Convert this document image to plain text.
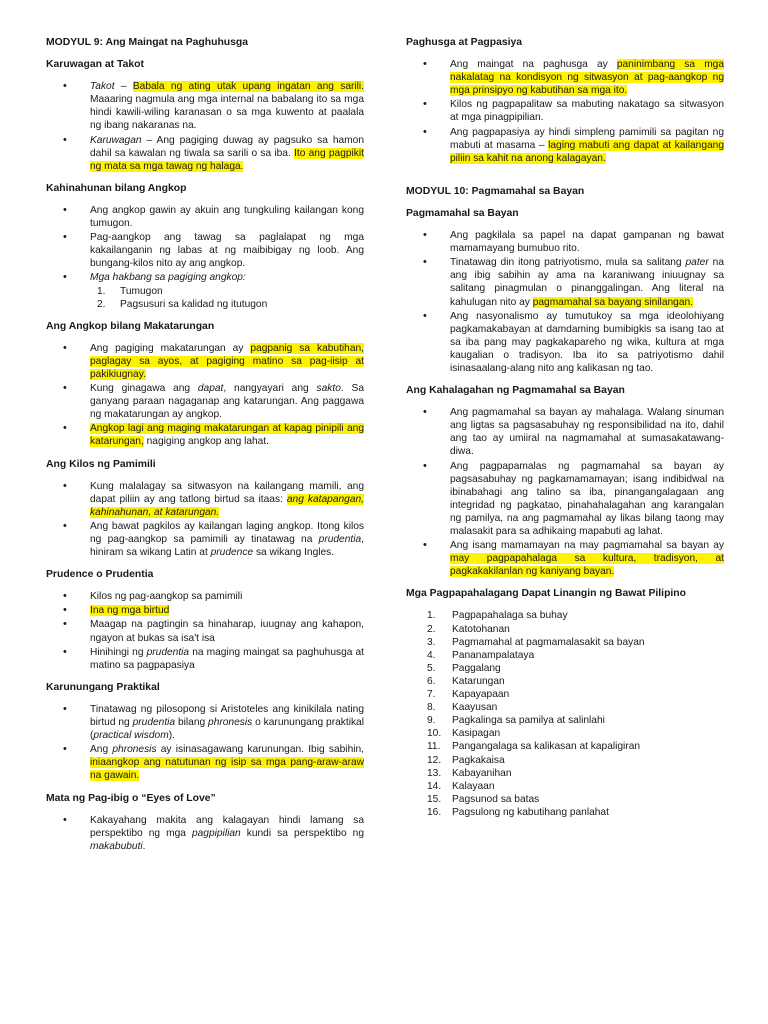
MODYUL 9: Ang Maingat na Paghuhusga
Karuwagan at Takot
• Takot – Babala ng ating utak upang ingatan ang sarili. Maaaring nagmula ang mga internal na babalang ito sa mga hindi kawili-wiling karanasan o sa mga kuwento at paalala ng ibang nakaranas na.
• Karuwagan – Ang pagiging duwag ay pagsuko sa hamon dahil sa kawalan ng tiwala sa sarili o sa iba. Ito ang pagpikit ng mata sa mga tawag ng halaga.
Kahinahunan bilang Angkop
• Ang angkop gawin ay akuin ang tungkuling kailangan kong tumugon.
• Pag-aangkop ang tawag sa paglalapat ng mga kakailanganin ng labas at ng maibibigay ng loob. Ang bungang-kilos nito ay ang angkop.
• Mga hakbang sa pagiging angkop:
1. Tumugon
2. Pagsusuri sa kalidad ng itutugon
Ang Angkop bilang Makatarungan
• Ang pagiging makatarungan ay pagpanig sa kabutihan, paglagay sa ayos, at pagiging matino sa pag-iisip at pakikiugnay.
• Kung ginagawa ang dapat, nangyayari ang sakto. Sa ganyang paraan nagaganap ang katarungan. Ang paggawa ng makatarungan ay angkop.
• Angkop lagi ang maging makatarungan at kapag pinipili ang katarungan, nagiging angkop ang lahat.
Ang Kilos ng Pamimili
• Kung malalagay sa sitwasyon na kailangang mamili, ang dapat piliin ay ang tatlong birtud sa itaas: ang katapangan, kahinahunan, at katarungan.
• Ang bawat pagkilos ay kailangan laging angkop. Itong kilos ng pag-aangkop sa pamimili ay tinatawag na prudentia, hiniram sa wikang Latin at prudence sa wikang Ingles.
Prudence o Prudentia
• Kilos ng pag-aangkop sa pamimili
• Ina ng mga birtud
• Maagap na pagtingin sa hinaharap, iuugnay ang kahapon, ngayon at bukas sa isa't isa
• Hinihingi ng prudentia na maging maingat sa paghuhusga at matino sa pagpapasiya
Karunungang Praktikal
• Tinatawag ng pilosopong si Aristoteles ang kinikilala nating birtud ng prudentia bilang phronesis o karunungang praktikal (practical wisdom).
• Ang phronesis ay isinasagawang karunungan. Ibig sabihin, iniaangkop ang natutunan ng isip sa mga pang-araw-araw na gawain.
Mata ng Pag-ibig o “Eyes of Love”
• Kakayahang makita ang kalagayan hindi lamang sa perspektibo ng mga pagpipilian kundi sa perspektibo ng makabubuti.
Paghusga at Pagpasiya
• Ang maingat na paghusga ay paninimbang sa mga nakalatag na kondisyon ng sitwasyon at pag-aangkop ng mga prinsipyo ng kabutihan sa mga ito.
• Kilos ng pagpapalitaw sa mabuting nakatago sa sitwasyon at mga pinagpipilian.
• Ang pagpapasiya ay hindi simpleng pamimili sa pagitan ng mabuti at masama – laging mabuti ang dapat at kailangang piliin sa kahit na anong kalagayan.
MODYUL 10: Pagmamahal sa Bayan
Pagmamahal sa Bayan
• Ang pagkilala sa papel na dapat gampanan ng bawat mamamayang bumubuo rito.
• Tinatawag din itong patriyotismo, mula sa salitang pater na ang ibig sabihin ay ama na karaniwang iniuugnay sa salitang pinagmulan o pinanggalingan. Ang literal na kahulugan nito ay pagmamahal sa bayang sinilangan.
• Ang nasyonalismo ay tumutukoy sa mga ideolohiyang pagkamakabayan at damdaming bumibigkis sa isang tao at sa iba pang may pagkakapareho ng wika, kultura at mga kaugalian o tradisyon. Iba ito sa patriyotismo dahil isinasaalang-alang nito ang kalikasan ng tao.
Ang Kahalagahan ng Pagmamahal sa Bayan
• Ang pagmamahal sa bayan ay mahalaga. Walang sinuman ang ligtas sa pagsasabuhay ng responsibilidad na ito, dahil ang tao ay umiiral na nagmamahal at sumasakatawang-diwa.
• Ang pagpapamalas ng pagmamahal sa bayan ay pagsasabuhay ng pagkamamamayan; isang indibidwal na ibinabahagi ang talino sa iba, pinangangalagaan ang integridad ng pagkatao, pinahahalagahan ang karangalan ng pamilya, na ang pagmamahal ay likas bilang taong may malasakit para sa adhikaing mapabuti ag lahat.
• Ang isang mamamayan na may pagmamahal sa bayan ay may pagpapahalaga sa kultura, tradisyon, at pagkakakilanlan ng kaniyang bayan.
Mga Pagpapahalagang Dapat Linangin ng Bawat Pilipino
1. Pagpapahalaga sa buhay
2. Katotohanan
3. Pagmamahal at pagmamalasakit sa bayan
4. Pananampalataya
5. Paggalang
6. Katarungan
7. Kapayapaan
8. Kaayusan
9. Pagkalinga sa pamilya at salinlahi
10. Kasipagan
11. Pangangalaga sa kalikasan at kapaligiran
12. Pagkakaisa
13. Kabayanihan
14. Kalayaan
15. Pagsunod sa batas
16. Pagsulong ng kabutihang panlahat
